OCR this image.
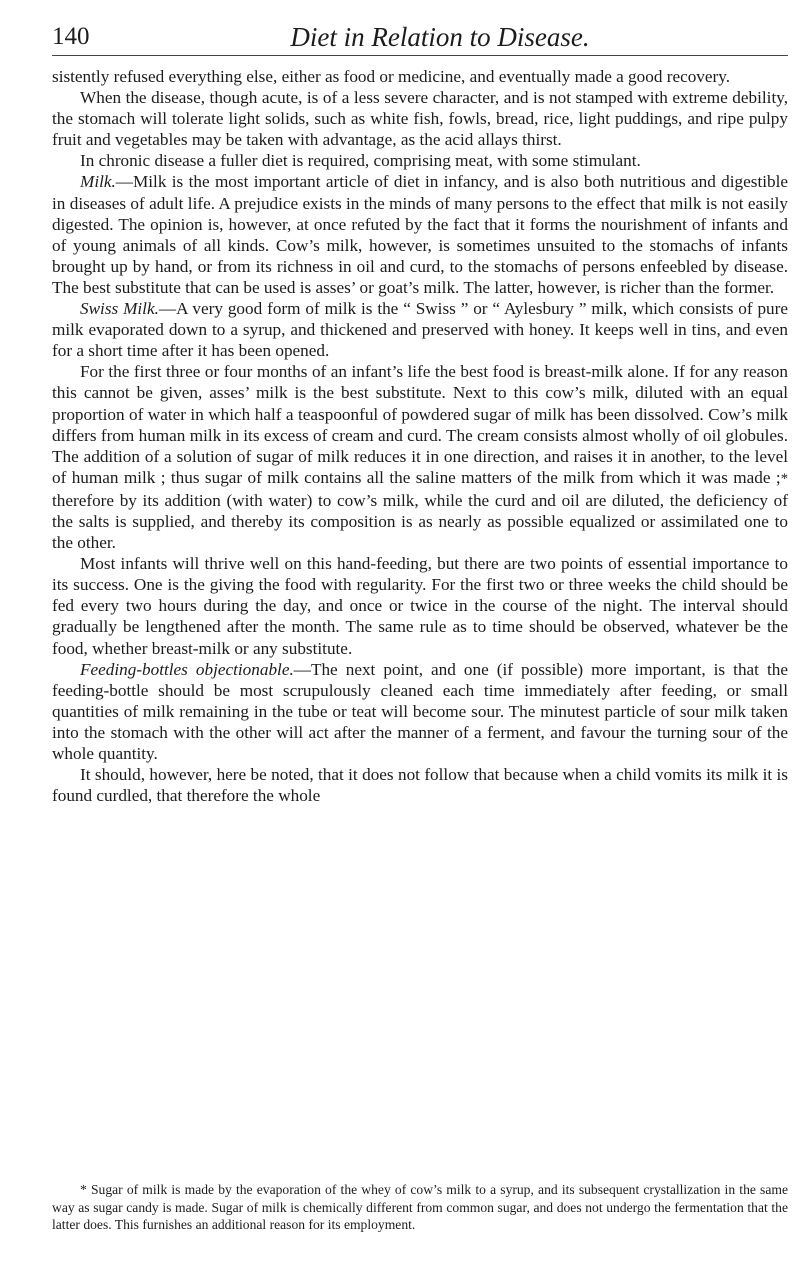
140	Diet in Relation to Disease.

sistently refused everything else, either as food or medicine, and eventually made a good recovery.

When the disease, though acute, is of a less severe character, and is not stamped with extreme debility, the stomach will tolerate light solids, such as white fish, fowls, bread, rice, light puddings, and ripe pulpy fruit and vegetables may be taken with advantage, as the acid allays thirst.

In chronic disease a fuller diet is required, comprising meat, with some stimulant.

Milk.—Milk is the most important article of diet in infancy, and is also both nutritious and digestible in diseases of adult life. A prejudice exists in the minds of many persons to the effect that milk is not easily digested. The opinion is, however, at once refuted by the fact that it forms the nourishment of infants and of young animals of all kinds. Cow’s milk, however, is sometimes unsuited to the stomachs of infants brought up by hand, or from its richness in oil and curd, to the stomachs of persons enfeebled by disease. The best substitute that can be used is asses’ or goat’s milk. The latter, however, is richer than the former.

Swiss Milk.—A very good form of milk is the “ Swiss ” or “ Aylesbury ” milk, which consists of pure milk evaporated down to a syrup, and thickened and preserved with honey. It keeps well in tins, and even for a short time after it has been opened.

For the first three or four months of an infant’s life the best food is breast-milk alone. If for any reason this cannot be given, asses’ milk is the best substitute. Next to this cow’s milk, diluted with an equal proportion of water in which half a teaspoonful of powdered sugar of milk has been dissolved. Cow’s milk differs from human milk in its excess of cream and curd. The cream consists almost wholly of oil globules. The addition of a solution of sugar of milk reduces it in one direction, and raises it in another, to the level of human milk ; thus sugar of milk contains all the saline matters of the milk from which it was made ;* therefore by its addition (with water) to cow’s milk, while the curd and oil are diluted, the deficiency of the salts is supplied, and thereby its composition is as nearly as possible equalized or assimilated one to the other.

Most infants will thrive well on this hand-feeding, but there are two points of essential importance to its success. One is the giving the food with regularity. For the first two or three weeks the child should be fed every two hours during the day, and once or twice in the course of the night. The interval should gradually be lengthened after the month. The same rule as to time should be observed, whatever be the food, whether breast-milk or any substitute.

Feeding-bottles objectionable.—The next point, and one (if possible) more important, is that the feeding-bottle should be most scrupulously cleaned each time immediately after feeding, or small quantities of milk remaining in the tube or teat will become sour. The minutest particle of sour milk taken into the stomach with the other will act after the manner of a ferment, and favour the turning sour of the whole quantity.

It should, however, here be noted, that it does not follow that because when a child vomits its milk it is found curdled, that therefore the whole

* Sugar of milk is made by the evaporation of the whey of cow’s milk to a syrup, and its subsequent crystallization in the same way as sugar candy is made. Sugar of milk is chemically different from common sugar, and does not undergo the fermentation that the latter does. This furnishes an additional reason for its employment.
